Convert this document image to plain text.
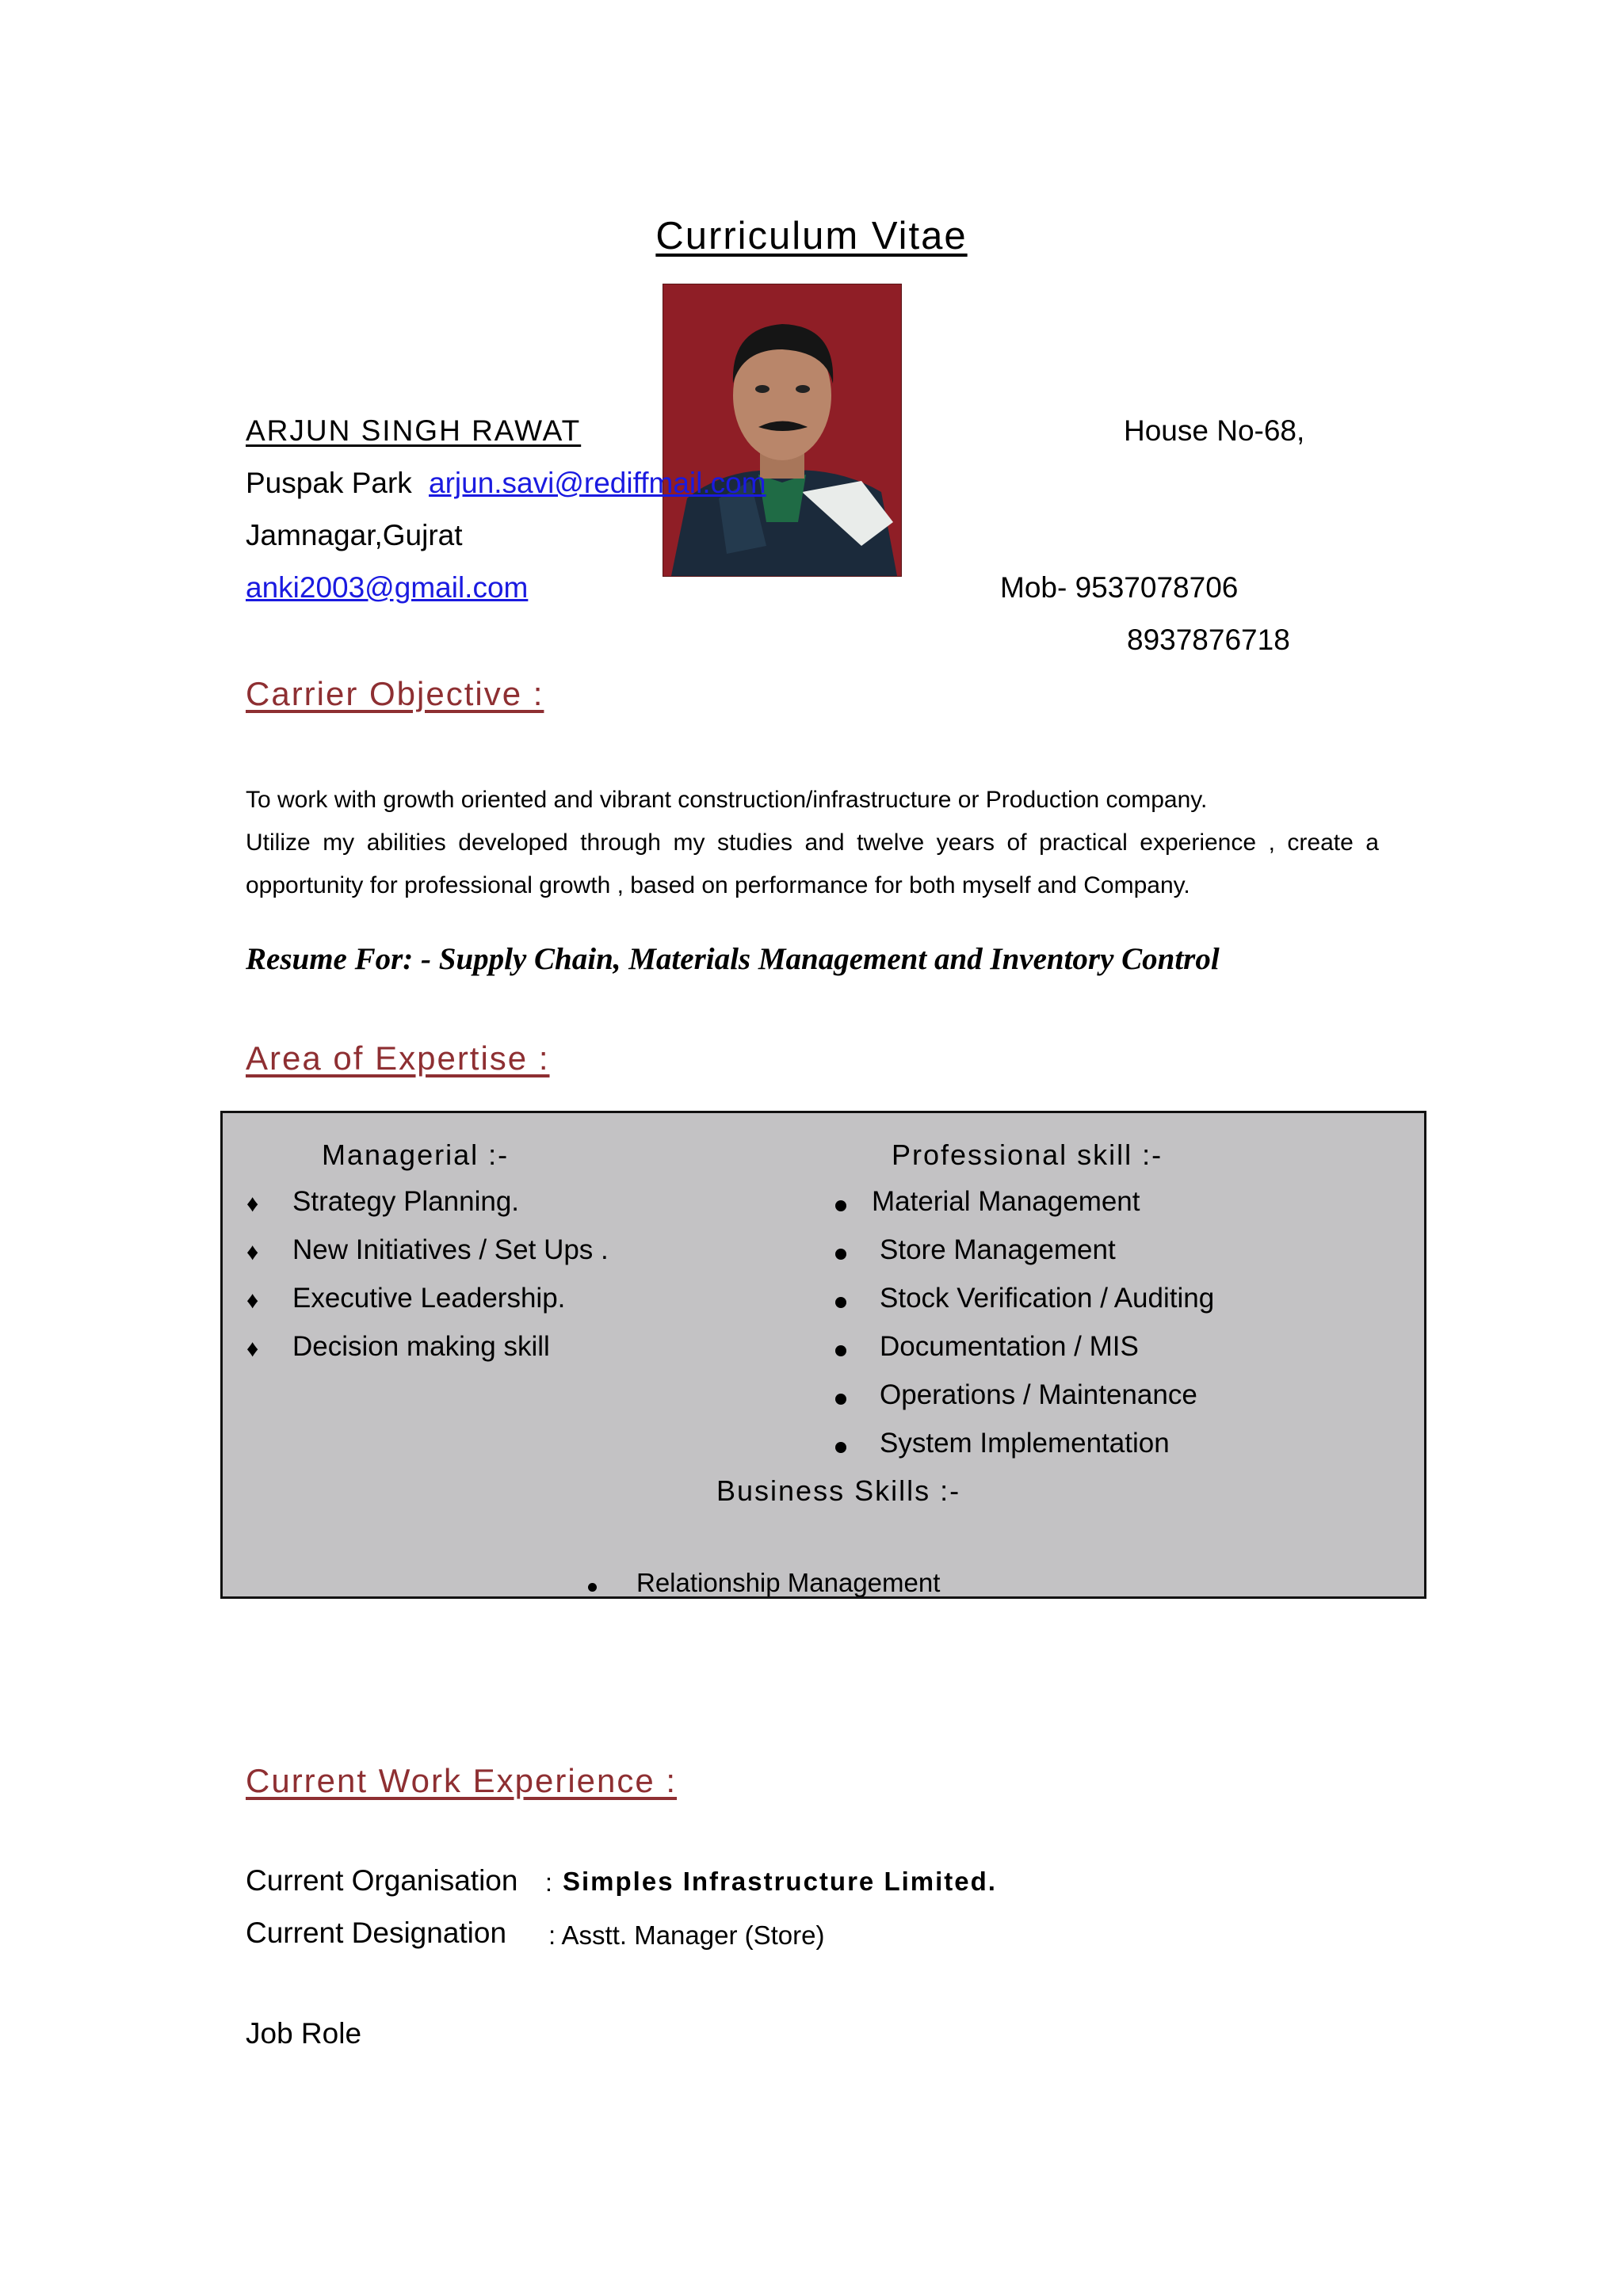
Curriculum Vitae
ARJUN SINGH RAWAT	House No-68,
Puspak Park arjun.savi@rediffmail.com
Jamnagar,Gujrat
anki2003@gmail.com	Mob- 9537078706
8937876718
Carrier Objective :
To work with growth oriented and vibrant construction/infrastructure or Production company.
Utilize my abilities developed through my studies and twelve years of practical experience , create a
opportunity for professional growth , based on performance for both myself and Company.
Resume For: - Supply Chain, Materials Management and Inventory Control
Area of Expertise :
Managerial :-	Professional skill :-
♦ Strategy Planning.
♦ New Initiatives / Set Ups .
♦ Executive Leadership.
♦ Decision making skill
Material Management
Store Management
Stock Verification / Auditing
Documentation / MIS
Operations / Maintenance
System Implementation
Business Skills :-
Relationship Management
Current Work Experience :
Current Organisation : Simples Infrastructure Limited.
Current Designation : Asstt. Manager (Store)
Job Role
